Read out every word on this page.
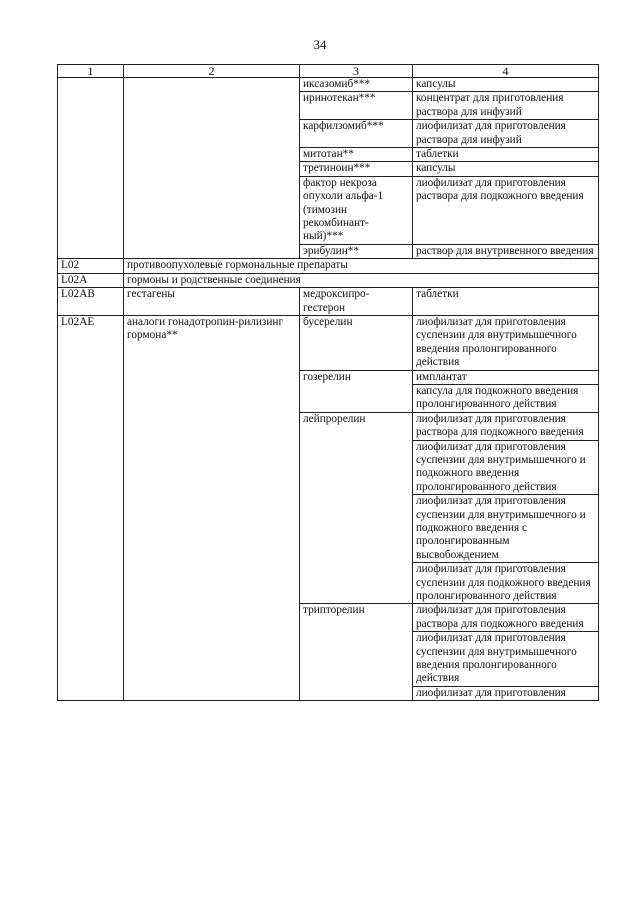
34
1	2	3	4
		иксазомиб***	капсулы
		иринотекан***	концентрат для приготовления раствора для инфузий
		карфилзомиб***	лиофилизат для приготовления раствора для инфузий
		митотан**	таблетки
		третиноин***	капсулы
		фактор некроза опухоли альфа-1 (тимозин рекомбинант-ный)***	лиофилизат для приготовления раствора для подкожного введения
		эрибулин**	раствор для внутривенного введения
L02	противоопухолевые гормональные препараты		
L02A	гормоны и родственные соединения		
L02AB	гестагены	медроксипро-гестерон	таблетки
L02AE	аналоги гонадотропин-рилизинг гормона**	бусерелин	лиофилизат для приготовления суспензии для внутримышечного введения пролонгированного действия
		гозерелин	имплантат
			капсула для подкожного введения пролонгированного действия
		лейпрорелин	лиофилизат для приготовления раствора для подкожного введения
			лиофилизат для приготовления суспензии для внутримышечного и подкожного введения пролонгированного действия
			лиофилизат для приготовления суспензии для внутримышечного и подкожного введения с пролонгированным высвобождением
			лиофилизат для приготовления суспензии для подкожного введения пролонгированного действия
		трипторелин	лиофилизат для приготовления раствора для подкожного введения
			лиофилизат для приготовления суспензии для внутримышечного введения пролонгированного действия
			лиофилизат для приготовления
